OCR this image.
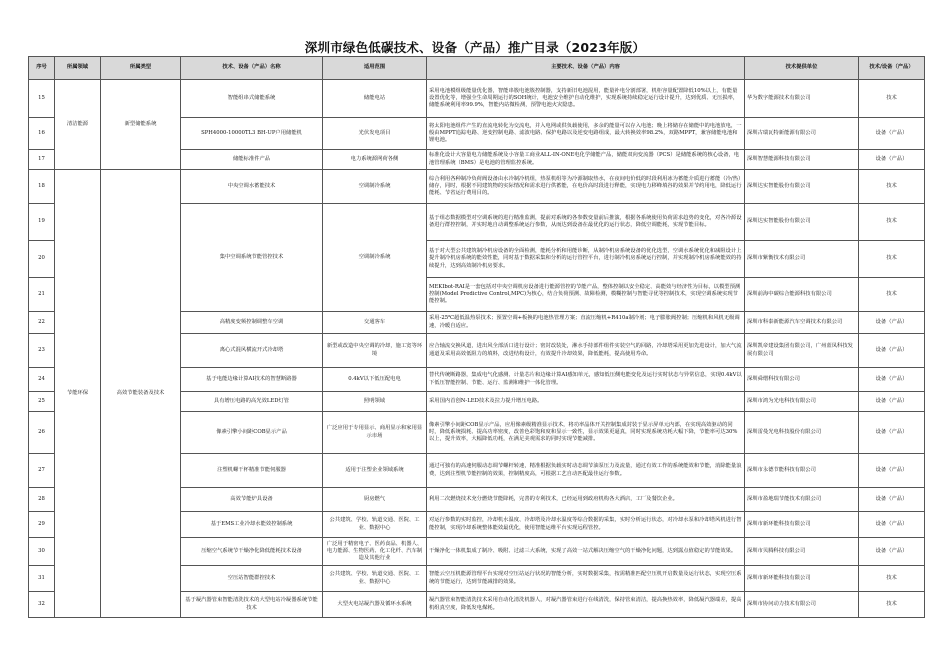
深圳市绿色低碳技术、设备（产品）推广目录（2023年版）
序号	所属领域	所属类型	技术、设备（产品）名称	适用范围	主要技术、设备（产品）内容	技术提供单位	技术/设备（产品）
15	清洁能源	新型储能系统	智能组串式储能系统	储能电站	采用电池模组级能量优化器，智能串簇电池簇控制器，支持新旧电池混用，能量补电分割部署，机柜容量配置降低10%以上，有能量设置优化等，增强全生命周期运行的SOH统计，电池安全维护自动化维护，实现系统持续稳定运行设计提升，达到优质、无压损率，储能系统利用率99.9%，智能内站微检测，预警电池火灾隐患。	华为数字能源技术有限公司	技术
16			SPH4000-10000TL3 BH-UP户用储能机	光伏发电项目	将太阳电池组件产生的直流电转化为交流电，并入电网或供负载使用，多余的能量可以存入电池；晚上将储存在储能中的电池放电，一般由MPPT追踪电路、逆变控制电路、滤波电路、保护电路以及逆变电路组成，最大转换效率98.2%，双路MPPT，兼容储能电池和锂电池。	深圳古瑞瓦特新能源有限公司	设备（产品）
17			储能标准件产品	电力系统源网荷各侧	标准化设计大容量电力储能系统及小容量工商业ALL-IN-ONE电化学储能产品，储能双向变流器（PCS）是储能系统的核心设备，电池管理系统（BMS）是电池的管理监控系统。	深圳智慧能源科技有限公司	设备（产品）
18	节能环保	高效节能装备及技术	中央空调水蓄能技术	空调制冷系统	综合利用各种制冷负荷阀设备由水冷制冷机组，热泵机组等为冷源制取热水，在夜间电价低的时段利用冰为蓄能介质进行蓄能（冷/热）储存，同时，根据不同建筑物的实际情况和需求进行供蓄能，在电价高时段进行释能，实现电力移峰填谷的效果并节约用电，降低运行能耗、节省运行费用目的。	深圳达实智能股份有限公司	技术
19			集中空调系统节能管控技术	空调制冷系统	基于组态数据模型对空调系统的进行精准监测，提前对系统的各参数变量前后推演，根据各系统使用负荷需求趋势的变化，对各冷源设备进行群控控制，并实时地自动调整系统运行参数，从而达到设备在最优化的运行状态，降低空调能耗，实现节能目标。	深圳达实智能股份有限公司	技术
20					基于对大型公共建筑制冷机房设备的全面检测，能耗分析和用能诊断，从制冷机房系统设备的优化选型，空调水系统优化和减阻设计上提升制冷机房系统的能效性能，同时基于数据采集和分析的运行管控平台，进行制冷机房系统运行控制，并实现制冷机房系统能效的持续提升，达到高效制冷机房要求。	深圳市紫衡技术有限公司	技术
21					MEKIbot-RAI是一套包括对中央空调机房设备进行能源管控的节能产品，整体控制以安全稳定、高能效与经济性为目标，以模型预测控制(Model Predictive Control,MPC)为核心，结合负荷预测、故障检测，模糊控制与智能寻优等控制技术，实现空调系统实现节能控制。	深圳前海中碳综合能源科技有限公司	技术
22			高精度变频控制调整车空调	交通客车	采用-25℃超低温热泵技术；预置空调+板换的电池热管理方案；直流压缩机+R410a制冷剂；电子膨胀阀控制；压缩机和风机无级调速，冷暖自适应。	深圳市科泰新能源汽车空调技术有限公司	设备（产品）
23			离心式混风横流开式冷却塔	新型或改造中央空调的冷却，施工宽等环境	应合轴流交换风道，进出风全部活口进行设计；密封改装处，淋水手持部件组件实装空气的回路，冷却塔采用更加先进设计，加大气流通道及采用高效低阻力的填料，改进结构设计，有效提升冷却效果，降低能耗，提高使用寿命。	深圳凯帝建设集团有限公司，广州蓝凤科技发展有限公司	设备（产品）
24			基于电能边缘计算AI技术的智慧断路器	0.4kV以下低压配电电	替代传统断路器，集成电气化感测、计量芯片和边缘计算AI感知单元，感知低压侧电能变化及运行实时状态与异常信息，实现0.4kV以下低压智能控制、节能、运行、监测和维护一体化管理。	深圳舜熠科技有限公司	设备（产品）
25			具有增压电路的高光效LED灯管	照明领域	采用国内首创N-LED技术及拉力提升增压电路。	深圳市鸿为光电科技有限公司	设备（产品）
26			像素引擎小间距COB显示产品	广泛应用于专用显示、商用显示和家用显示市场	像素引擎小间距COB显示产品，应用像素级精准显示技术，将功率晶体开关控制集成封装于显示屏单元内部，在实现高效驱动的同时，降低系统损耗、提高功率密度，改善色彩饱和度和显示一致性，显示效果更逼真，同时实现系统功耗大幅下降，节能率可达30%以上，提升效率，大幅降低功耗，在满足美观需求的同时实现节能减排。	深圳雷曼光电科技股份有限公司	设备（产品）
27			注塑机螺干杯精准节能伺服器	适用于注塑企业领域系统	通过可独有的高速伺服动态调节螺杆转速，精准根据负载实时动态调节油泵压力及流量，通过有效工作的系统能效和节能，消除能量浪费，达到注塑机节能控制的效果，控制精度高，可根据工艺自动匹配最佳运行参数。	深圳市永德节能科技有限公司	设备（产品）
28			高效节能炉具设备	厨房燃气	利用二次燃烧技术充分燃烧节能降耗，完善的专利技术，已经运用到政府机构各大酒店，工厂及餐饮企业。	深圳市盈地瑞节能技术有限公司	设备（产品）
29			基于EMS工业冷却水能效控制系统	公共建筑、学校、轨道交通、医院、工业、数据中心	对运行参数的实时监控，冷却机水温度、冷却塔及冷却水温度等综合数据的采集，实时分析运行状态，对冷却水泵和冷却塔风机进行智能控制，实现冷却系统整体能效最优化，使用智能运维平台实现远程管控。	深圳市新环能科技有限公司	设备（产品）
30			压缩空气系统节干燥净化降低能耗技术设备	广泛用于精密电子、医药食品、机器人、电力能源、生物医药、化工化纤、汽车制造及其他行业	干燥净化一体机集成了制冷、吸附、过滤三大系统，实现了高效一站式解决压缩空气的干燥净化问题，达到露点值稳定的节能效果。	深圳市贝腾科技有限公司	设备（产品）
31			空压站智能群控技术	公共建筑、学校、轨道交通、医院、工业、数据中心	智能云空压机能源管理平台实现对空压站运行状况的智能分析，实时数据采集，按需精准匹配空压机开启数量及运行状态，实现空压系统的节能运行，达到节能减排的效果。	深圳市新环能科技有限公司	技术
32			基于凝汽器管束智能清洗技术的大型电站冷凝器系统节能技术	大型火电站凝汽器及循环水系统	凝汽器管束智能清洗技术采用自动化清洗机器人，对凝汽器管束进行在线清洗，保持管束清洁，提高换热效率，降低凝汽器端差，提高机组真空度，降低发电煤耗。	深圳市协问动力技术有限公司	技术
